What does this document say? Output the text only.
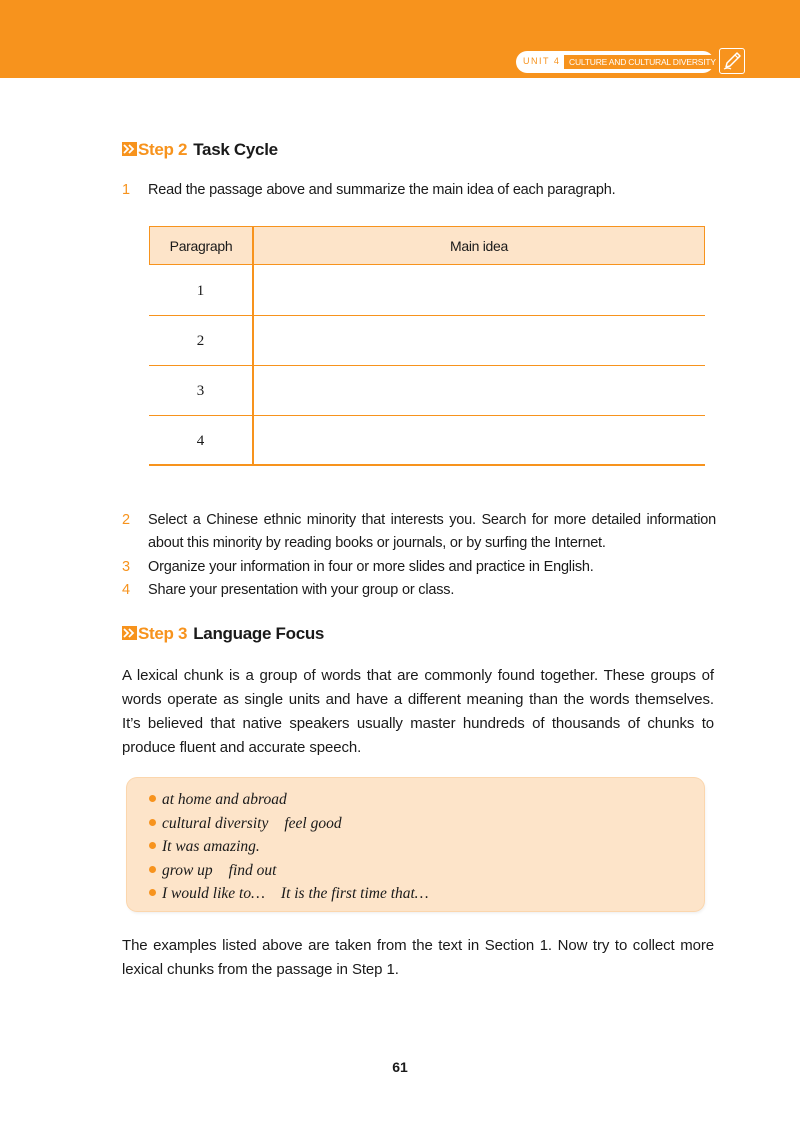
UNIT 4	CULTURE AND CULTURAL DIVERSITY
Step 2 Task Cycle
1	Read the passage above and summarize the main idea of each paragraph.
Paragraph	Main idea
1
2
3
4
2	Select a Chinese ethnic minority that interests you. Search for more detailed information about this minority by reading books or journals, or by surfing the Internet.
3	Organize your information in four or more slides and practice in English.
4	Share your presentation with your group or class.
Step 3 Language Focus
A lexical chunk is a group of words that are commonly found together. These groups of words operate as single units and have a different meaning than the words themselves. It’s believed that native speakers usually master hundreds of thousands of chunks to produce fluent and accurate speech.
at home and abroad
cultural diversity feel good
It was amazing.
grow up find out
I would like to… It is the first time that…
The examples listed above are taken from the text in Section 1. Now try to collect more lexical chunks from the passage in Step 1.
61
